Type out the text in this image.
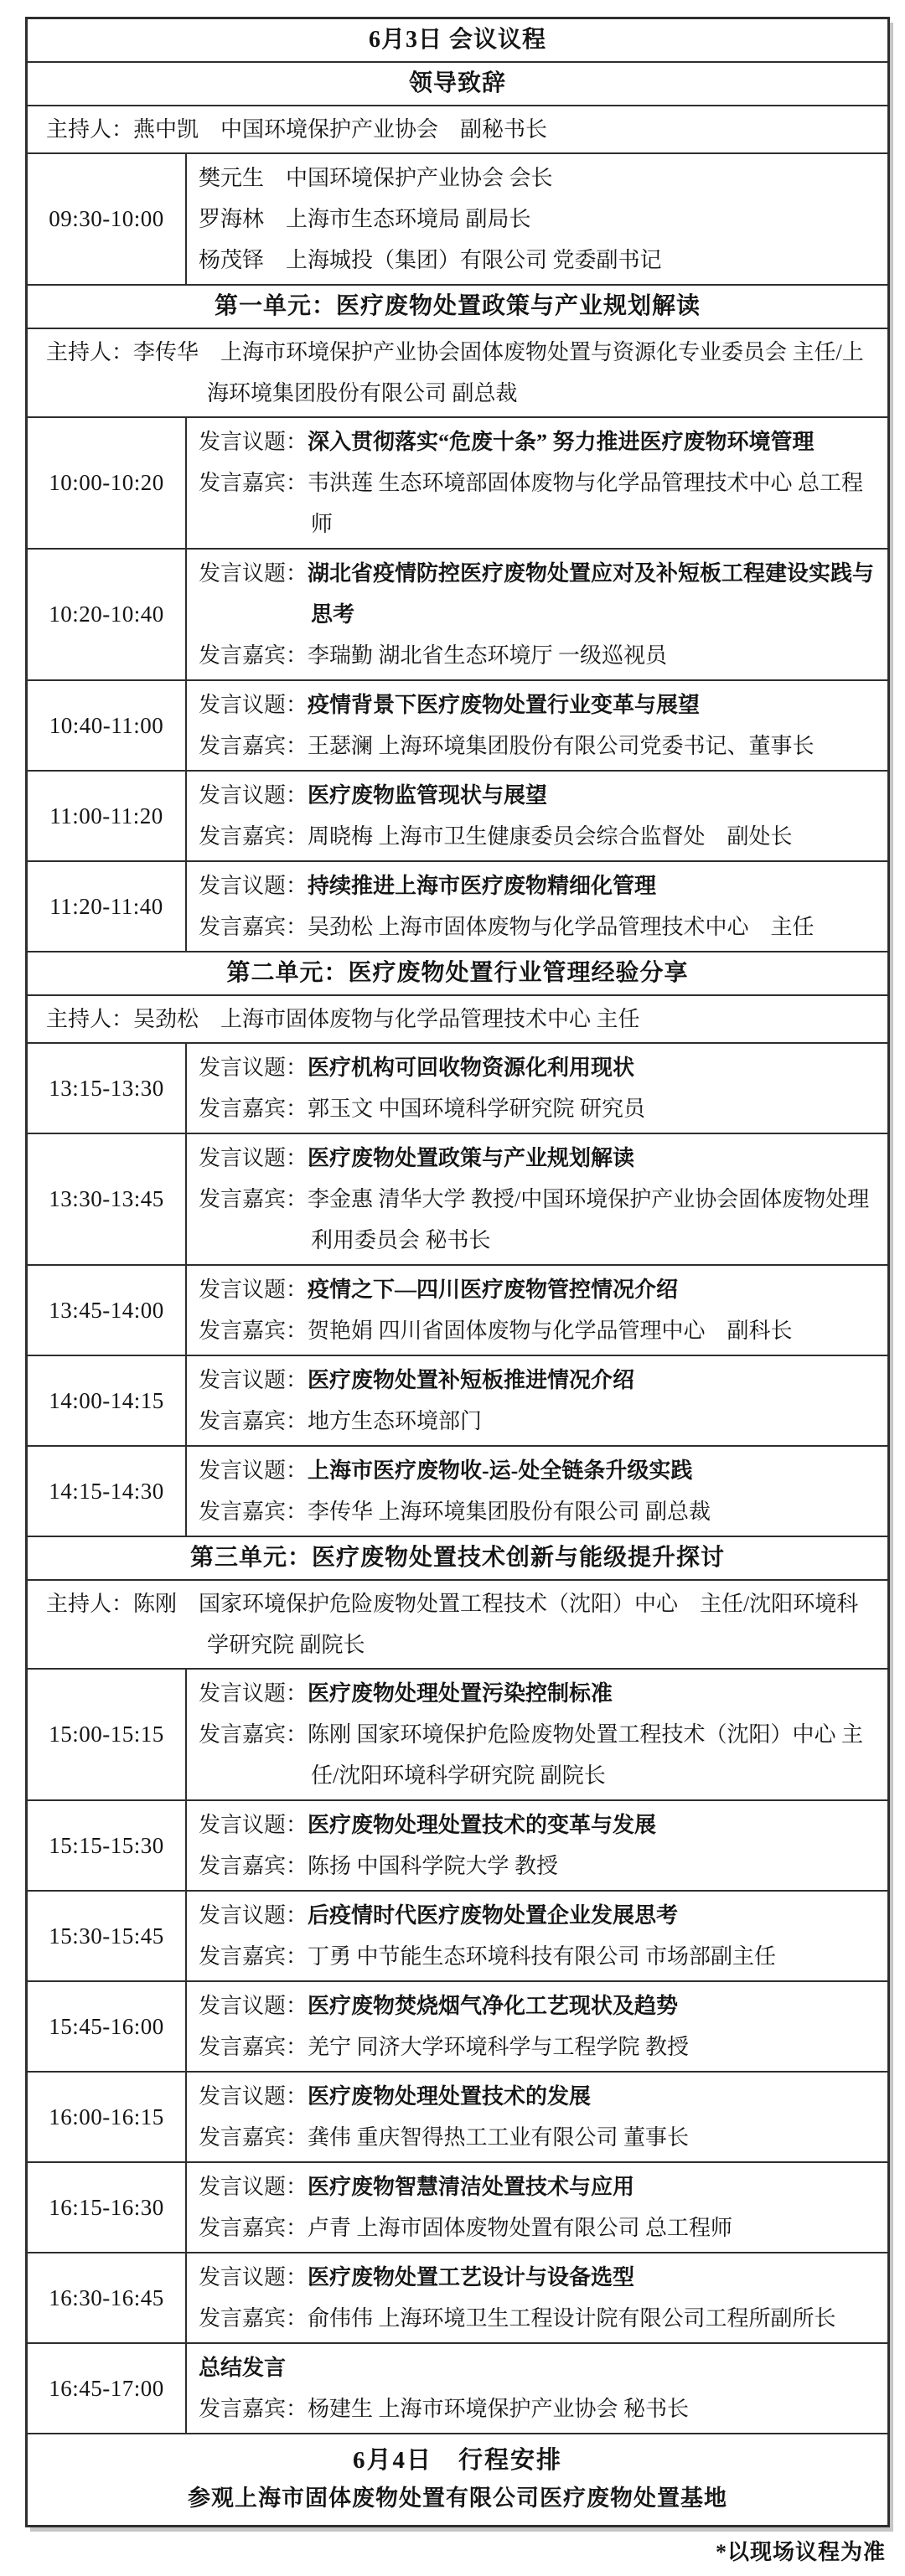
6月3日 会议议程
领导致辞
主持人：燕中凯　中国环境保护产业协会　副秘书长
09:30-10:00
樊元生　中国环境保护产业协会 会长
罗海林　上海市生态环境局 副局长
杨茂铎　上海城投（集团）有限公司 党委副书记
第一单元：医疗废物处置政策与产业规划解读
主持人：李传华　上海市环境保护产业协会固体废物处置与资源化专业委员会 主任/上海环境集团股份有限公司 副总裁
10:00-10:20
发言议题：深入贯彻落实“危废十条” 努力推进医疗废物环境管理
发言嘉宾：韦洪莲 生态环境部固体废物与化学品管理技术中心 总工程师
10:20-10:40
发言议题：湖北省疫情防控医疗废物处置应对及补短板工程建设实践与思考
发言嘉宾：李瑞勤 湖北省生态环境厅 一级巡视员
10:40-11:00
发言议题：疫情背景下医疗废物处置行业变革与展望
发言嘉宾：王瑟澜 上海环境集团股份有限公司党委书记、董事长
11:00-11:20
发言议题：医疗废物监管现状与展望
发言嘉宾：周晓梅 上海市卫生健康委员会综合监督处　副处长
11:20-11:40
发言议题：持续推进上海市医疗废物精细化管理
发言嘉宾：吴劲松 上海市固体废物与化学品管理技术中心　主任
第二单元：医疗废物处置行业管理经验分享
主持人：吴劲松　上海市固体废物与化学品管理技术中心 主任
13:15-13:30
发言议题：医疗机构可回收物资源化利用现状
发言嘉宾：郭玉文 中国环境科学研究院 研究员
13:30-13:45
发言议题：医疗废物处置政策与产业规划解读
发言嘉宾：李金惠 清华大学 教授/中国环境保护产业协会固体废物处理利用委员会 秘书长
13:45-14:00
发言议题：疫情之下—四川医疗废物管控情况介绍
发言嘉宾：贺艳娟 四川省固体废物与化学品管理中心　副科长
14:00-14:15
发言议题：医疗废物处置补短板推进情况介绍
发言嘉宾：地方生态环境部门
14:15-14:30
发言议题：上海市医疗废物收-运-处全链条升级实践
发言嘉宾：李传华 上海环境集团股份有限公司 副总裁
第三单元：医疗废物处置技术创新与能级提升探讨
主持人：陈刚　国家环境保护危险废物处置工程技术（沈阳）中心　主任/沈阳环境科学研究院 副院长
15:00-15:15
发言议题：医疗废物处理处置污染控制标准
发言嘉宾：陈刚 国家环境保护危险废物处置工程技术（沈阳）中心 主任/沈阳环境科学研究院 副院长
15:15-15:30
发言议题：医疗废物处理处置技术的变革与发展
发言嘉宾：陈扬 中国科学院大学 教授
15:30-15:45
发言议题：后疫情时代医疗废物处置企业发展思考
发言嘉宾：丁勇 中节能生态环境科技有限公司 市场部副主任
15:45-16:00
发言议题：医疗废物焚烧烟气净化工艺现状及趋势
发言嘉宾：羌宁 同济大学环境科学与工程学院 教授
16:00-16:15
发言议题：医疗废物处理处置技术的发展
发言嘉宾：龚伟 重庆智得热工工业有限公司 董事长
16:15-16:30
发言议题：医疗废物智慧清洁处置技术与应用
发言嘉宾：卢青 上海市固体废物处置有限公司 总工程师
16:30-16:45
发言议题：医疗废物处置工艺设计与设备选型
发言嘉宾：俞伟伟 上海环境卫生工程设计院有限公司工程所副所长
16:45-17:00
总结发言
发言嘉宾：杨建生 上海市环境保护产业协会 秘书长
6月4日　行程安排
参观上海市固体废物处置有限公司医疗废物处置基地
*以现场议程为准
